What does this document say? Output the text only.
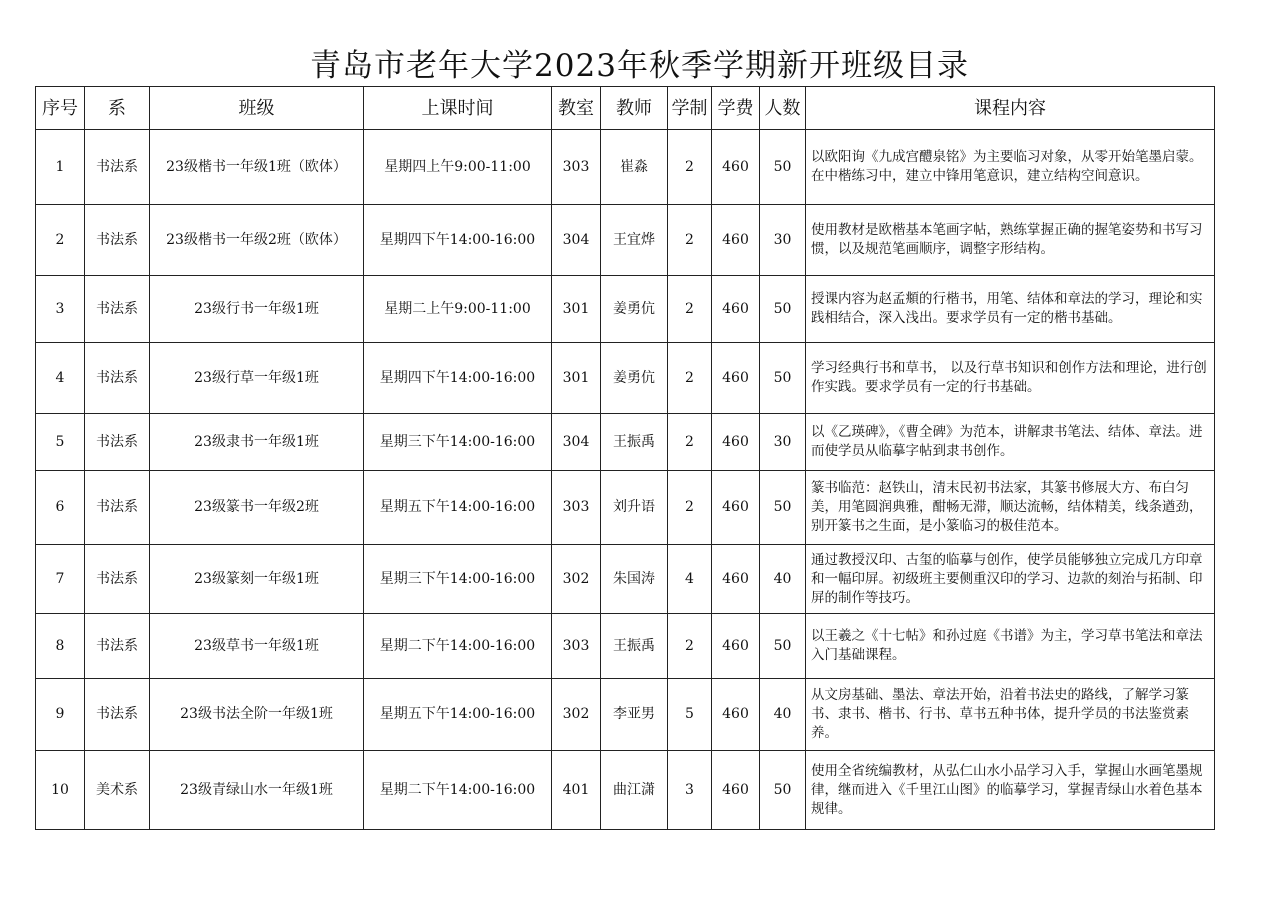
青岛市老年大学2023年秋季学期新开班级目录
序号	系	班级	上课时间	教室	教师	学制	学费	人数	课程内容
1	书法系	23级楷书一年级1班（欧体）	星期四上午9:00-11:00	303	崔淼	2	460	50	以欧阳询《九成宫醴泉铭》为主要临习对象，从零开始笔墨启蒙。在中楷练习中，建立中锋用笔意识，建立结构空间意识。
2	书法系	23级楷书一年级2班（欧体）	星期四下午14:00-16:00	304	王宜烨	2	460	30	使用教材是欧楷基本笔画字帖，熟练掌握正确的握笔姿势和书写习惯，以及规范笔画顺序，调整字形结构。
3	书法系	23级行书一年级1班	星期二上午9:00-11:00	301	姜勇伉	2	460	50	授课内容为赵孟頫的行楷书，用笔、结体和章法的学习，理论和实践相结合，深入浅出。要求学员有一定的楷书基础。
4	书法系	23级行草一年级1班	星期四下午14:00-16:00	301	姜勇伉	2	460	50	学习经典行书和草书， 以及行草书知识和创作方法和理论，进行创作实践。要求学员有一定的行书基础。
5	书法系	23级隶书一年级1班	星期三下午14:00-16:00	304	王振禹	2	460	30	以《乙瑛碑》，《曹全碑》为范本，讲解隶书笔法、结体、章法。进而使学员从临摹字帖到隶书创作。
6	书法系	23级篆书一年级2班	星期五下午14:00-16:00	303	刘升语	2	460	50	篆书临范：赵铁山，清末民初书法家，其篆书修展大方、布白匀美，用笔圆润典雅，酣畅无滞，顺达流畅，结体精美，线条遒劲，别开篆书之生面，是小篆临习的极佳范本。
7	书法系	23级篆刻一年级1班	星期三下午14:00-16:00	302	朱国涛	4	460	40	通过教授汉印、古玺的临摹与创作，使学员能够独立完成几方印章和一幅印屏。初级班主要侧重汉印的学习、边款的刻治与拓制、印屏的制作等技巧。
8	书法系	23级草书一年级1班	星期二下午14:00-16:00	303	王振禹	2	460	50	以王羲之《十七帖》和孙过庭《书谱》为主，学习草书笔法和章法入门基础课程。
9	书法系	23级书法全阶一年级1班	星期五下午14:00-16:00	302	李亚男	5	460	40	从文房基础、墨法、章法开始，沿着书法史的路线，了解学习篆书、隶书、楷书、行书、草书五种书体，提升学员的书法鉴赏素养。
10	美术系	23级青绿山水一年级1班	星期二下午14:00-16:00	401	曲江潇	3	460	50	使用全省统编教材，从弘仁山水小品学习入手，掌握山水画笔墨规律，继而进入《千里江山图》的临摹学习，掌握青绿山水着色基本规律。
